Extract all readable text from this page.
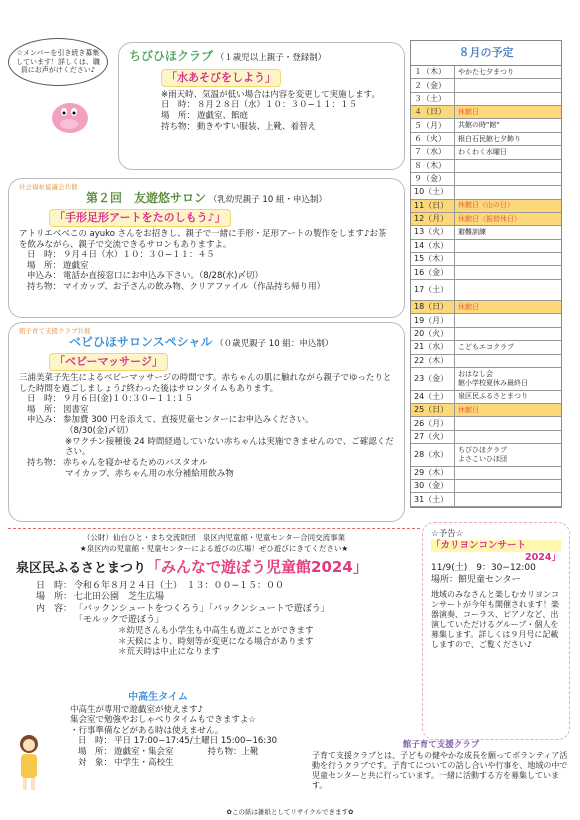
☆メンバーを引き続き募集しています！詳しくは、職員にお声がけください♪
ちびひほクラブ （１歳児以上親子・登録制）
「水あそびをしよう」
※雨天時、気温が低い場合は内容を変更して実施します。
日　時： ８月２８日（水）１０：３０−１１：１５
場　所： 遊戯室、館庭
持ち物： 動きやすい服装、上靴、着替え
社会福祉協議会共催
第２回　友遊悠サロン （乳幼児親子 10 組・申込制）
「手形足形アートをたのしもう♪」
アトリエべべこの ayuko さんをお招きし、親子で一緒に手形・足形アートの製作をします♪お茶を飲みながら、親子で交流できるサロンもありますよ。
日　時： ９月４日（水）１０：３０−１１：４５
場　所： 遊戯室
申込み： 電話か直接窓口にお申込み下さい。（8/28(水)〆切）
持ち物： マイカップ、お子さんの飲み物、クリアファイル（作品持ち帰り用）
館子育て支援クラブ共催
ベビひほサロンスペシャル （０歳児親子 10 組：申込制）
「ベビーマッサージ」
三浦美菜子先生によるベビーマッサージの時間です。赤ちゃんの肌に触れながら親子でゆったりとした時間を過ごしましょう♪終わった後はサロンタイムもあります。
日　時： ９月６日(金)１０:３０−１１:１５
場　所： 図書室
申込み： 参加費 300 円を添えて、直接児童センターにお申込みください。
（8/30(金)〆切）
※ワクチン接種後 24 時間経過していない赤ちゃんは実施できませんので、ご確認ください。
持ち物： 赤ちゃんを寝かせるためのバスタオル
マイカップ、赤ちゃん用の水分補給用飲み物
８月の予定
１（木）	やかた七夕まつり
２（金）
３（土）
４（日）	休館日
５（月）	共館の時"館"
６（火）	根白石民館七夕飾り
７（水）	わくわく水曜日
８（木）
９（金）
10（土）
11（日）	休館日（山の日）
12（月）	休館日（振替休日）
13（火）	避難訓練
14（水）
15（木）
16（金）
17（土）
18（日）	休館日
19（月）
20（火）
21（水）	こどもエコクラブ
22（木）
23（金）	おはなし会
館小学校夏休み最終日
24（土）	泉区民ふるさとまつり
25（日）	休館日
26（月）
27（火）
28（水）	ちびひほクラブ
よさこいひほ団
29（木）
30（金）
31（土）
（公財）仙台ひと・まち交流財団　泉区内児童館・児童センター合同交流事業
★泉区内の児童館・児童センターによる遊びの広場！ぜひ遊びにきてください★
泉区民ふるさとまつり「みんなで遊ぼう児童館2024」
日　時： 令和６年８月２４日（土）　１３：００−１５：００
場　所： 七北田公園　芝生広場
内　容： 「バックンシュートをつくろう」「バックンシュートで遊ぼう」
「モルックで遊ぼう」
＊幼児さんも小学生も中高生も遊ぶことができます
＊天候により、時刻等が変更になる場合があります
＊荒天時は中止になります
☆予告☆
「カリヨンコンサート
2024」
11/9(土)　9：30−12:00
場所：館児童センター
地域のみなさんと楽しむカリヨンコンサートが今年も開催されます！楽器演奏、コーラス、ピアノなど、出演していただけるグループ・個人を募集します。詳しくは９月号に記載しますので、ご覧ください♪
中高生タイム
中高生が専用で遊戯室が使えます♪
集会室で勉強やおしゃべりタイムもできますよ☆
・行事準備などがある時は使えません。
日　時： 平日 17:00−17:45/土曜日 15:00−16:30
場　所： 遊戯室・集会室　　　　持ち物：上靴
対　象： 中学生・高校生
館子育て支援クラブ
子育て支援クラブとは、子どもの健やかな成長を願ってボランティア活動を行うクラブです。子育てについての話し合いや行事を、地域の中で児童センターと共に行っています。一緒に活動する方を募集しています。
✿この紙は雑紙としてリサイクルできます✿
